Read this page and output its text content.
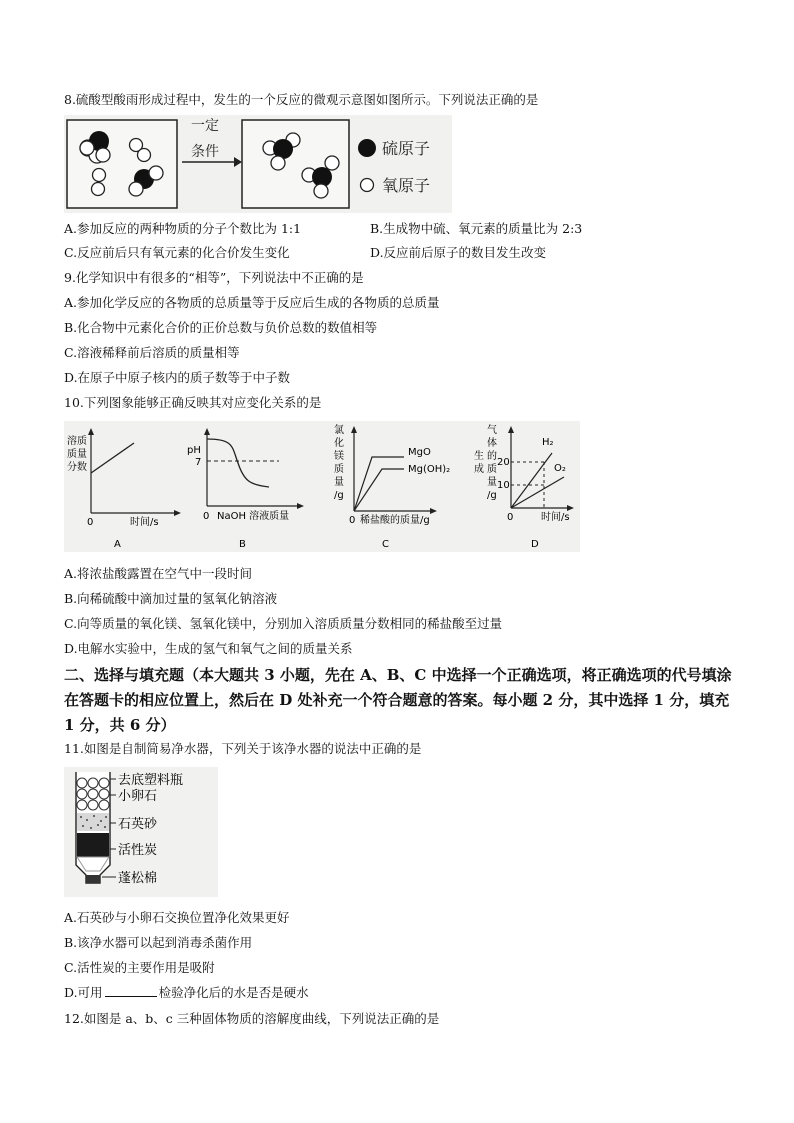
8.硫酸型酸雨形成过程中，发生的一个反应的微观示意图如图所示。下列说法正确的是
一定
条件	硫原子
氧原子
A.参加反应的两种物质的分子个数比为 1:1	B.生成物中硫、氧元素的质量比为 2:3
C.反应前后只有氧元素的化合价发生变化	D.反应前后原子的数目发生改变
9.化学知识中有很多的“相等”，下列说法中不正确的是
A.参加化学反应的各物质的总质量等于反应后生成的各物质的总质量
B.化合物中元素化合价的正价总数与负价总数的数值相等
C.溶液稀释前后溶质的质量相等
D.在原子中原子核内的质子数等于中子数
10.下列图象能够正确反映其对应变化关系的是
溶质
质量
分数
0	时间/s
A
pH
7
0 NaOH 溶液质量
B
氯
化
镁
质
量
/g
MgO
Mg(OH)₂
0 稀盐酸的质量/g
C
气
体
的
质
量
/g
生
成
20
10
H₂
O₂
0	时间/s
D
A.将浓盐酸露置在空气中一段时间
B.向稀硫酸中滴加过量的氢氧化钠溶液
C.向等质量的氧化镁、氢氧化镁中，分别加入溶质质量分数相同的稀盐酸至过量
D.电解水实验中，生成的氢气和氧气之间的质量关系
二、选择与填充题（本大题共 3 小题，先在 A、B、C 中选择一个正确选项，将正确选项的代号填涂在答题卡的相应位置上，然后在 D 处补充一个符合题意的答案。每小题 2 分，其中选择 1 分，填充 1 分，共 6 分）
11.如图是自制简易净水器，下列关于该净水器的说法中正确的是
去底塑料瓶
小卵石
石英砂
活性炭
蓬松棉
A.石英砂与小卵石交换位置净化效果更好
B.该净水器可以起到消毒杀菌作用
C.活性炭的主要作用是吸附
D.可用	检验净化后的水是否是硬水
12.如图是 a、b、c 三种固体物质的溶解度曲线，下列说法正确的是
